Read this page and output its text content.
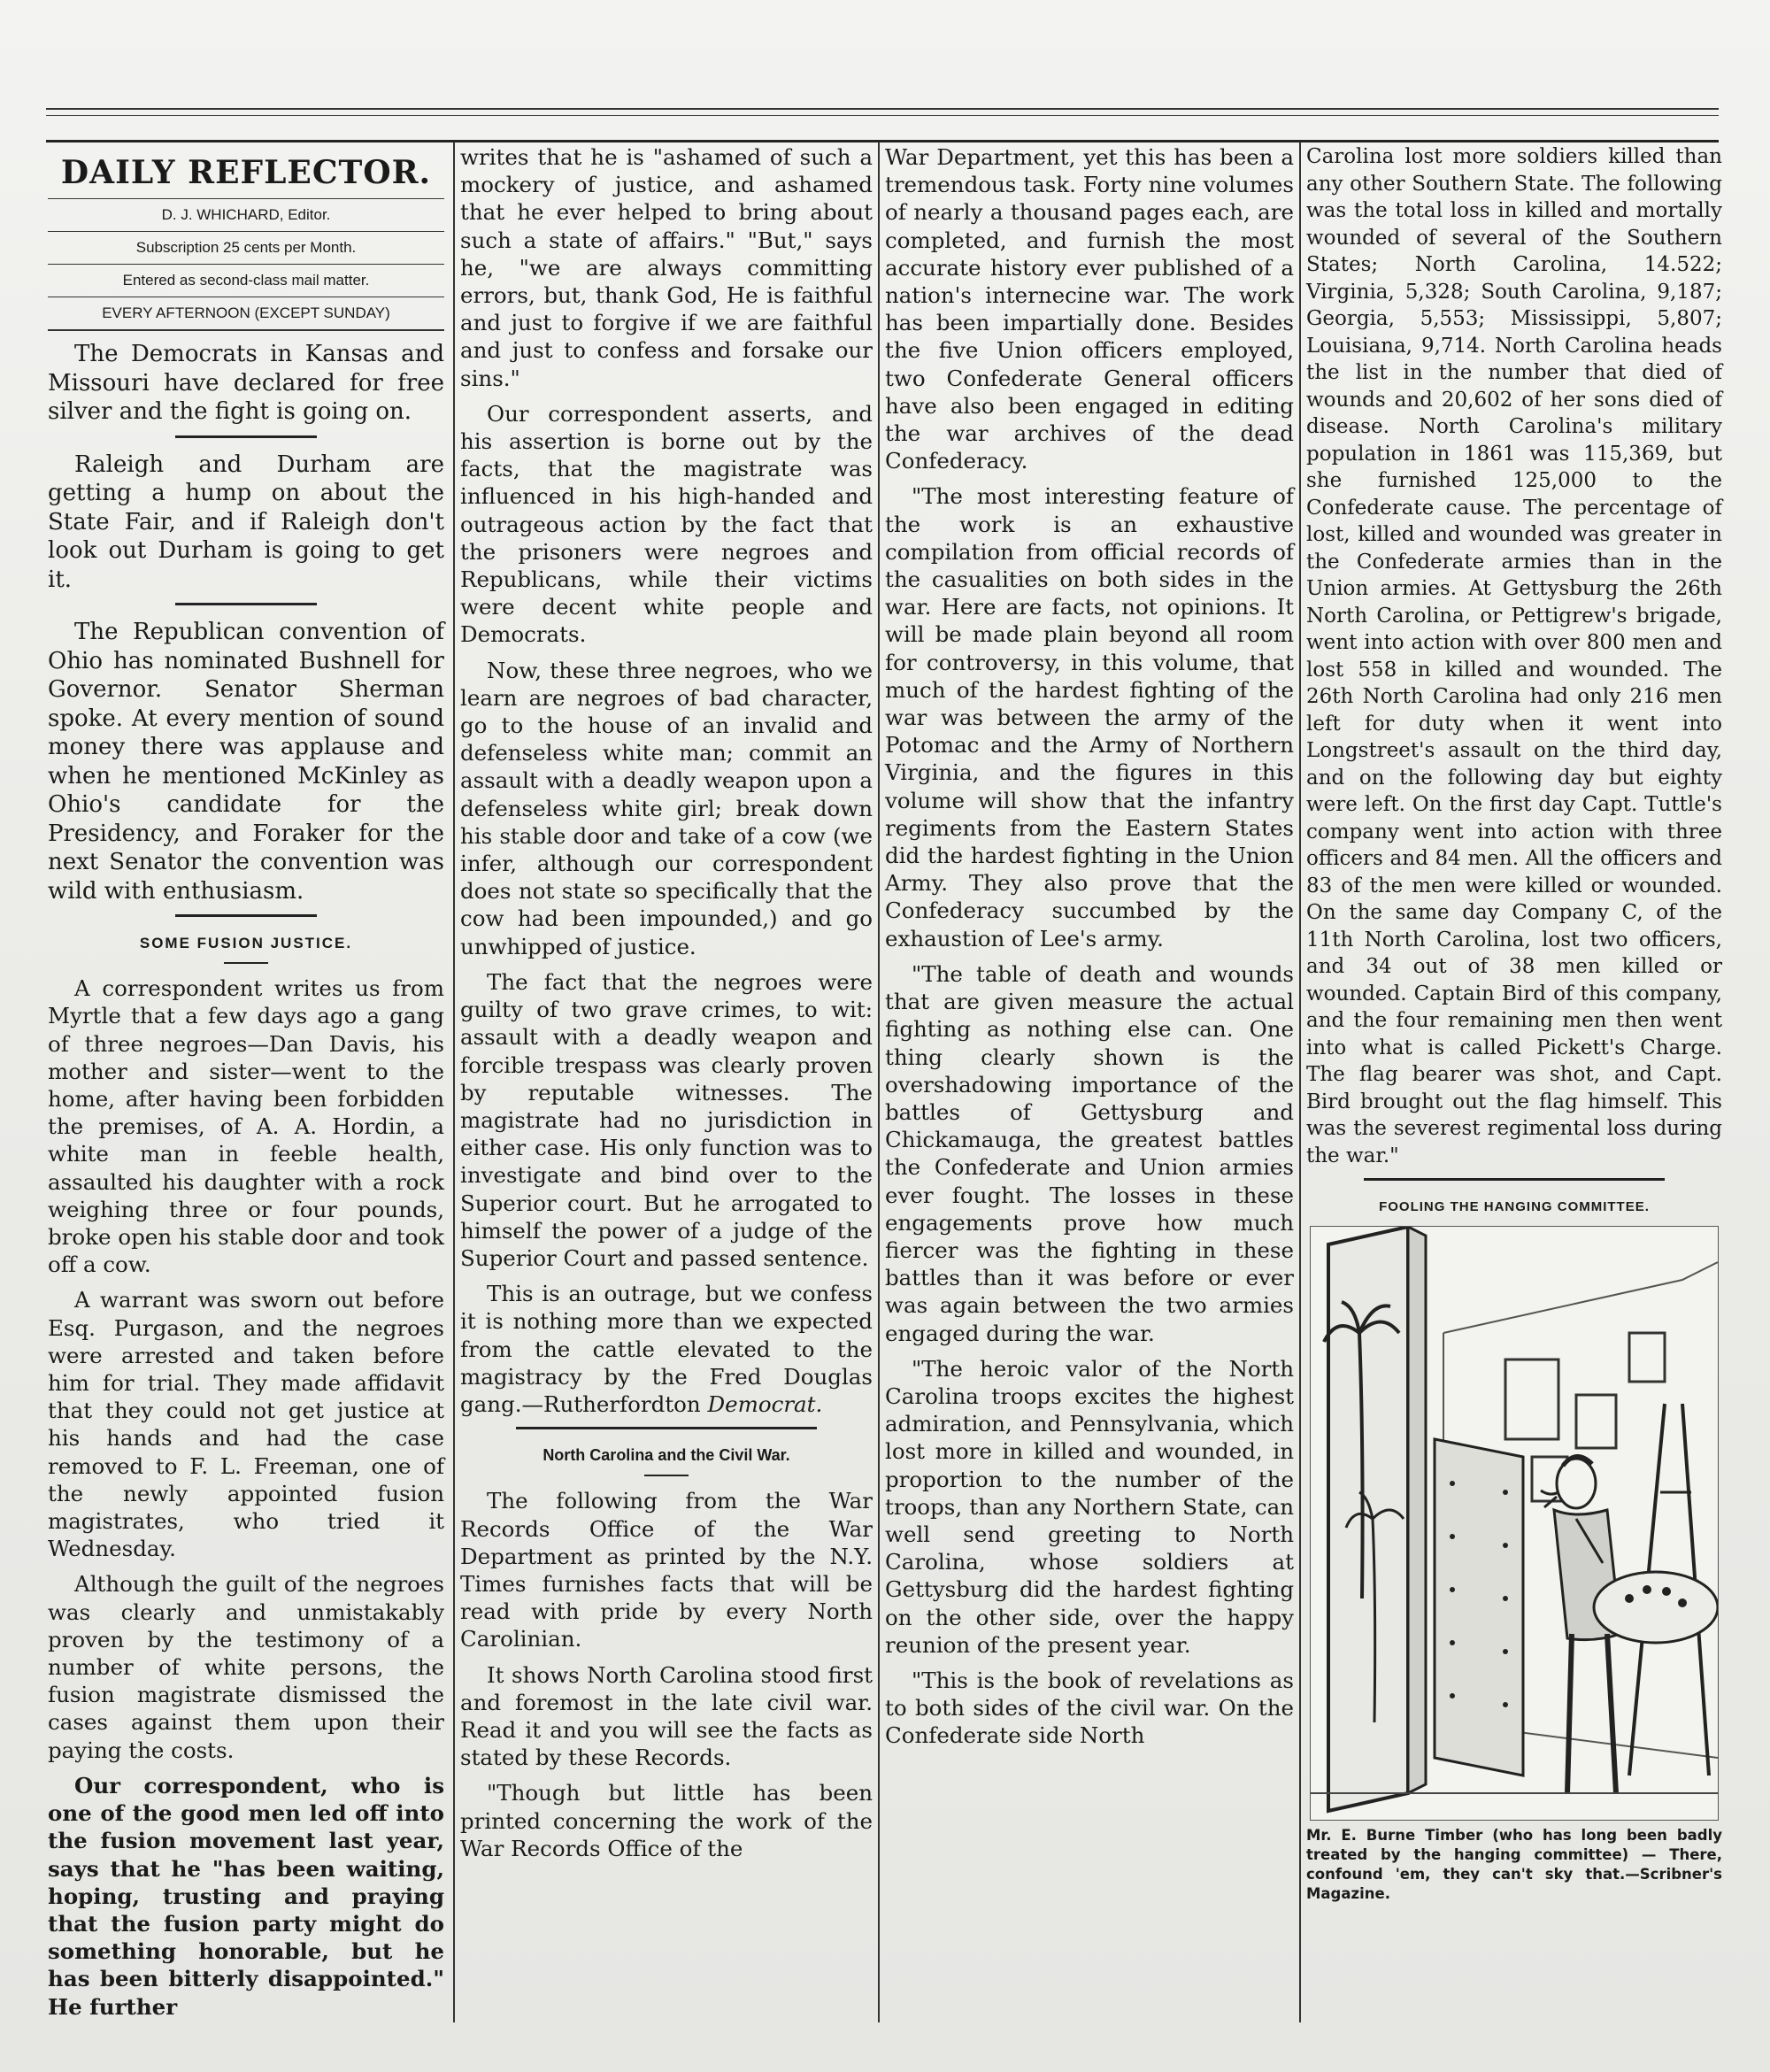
DAILY REFLECTOR.
D. J. WHICHARD, Editor.
Subscription 25 cents per Month.
Entered as second-class mail matter.
EVERY AFTERNOON (EXCEPT SUNDAY)

The Democrats in Kansas and Missouri have declared for free silver and the fight is going on.

Raleigh and Durham are getting a hump on about the State Fair, and if Raleigh don't look out Durham is going to get it.

The Republican convention of Ohio has nominated Bushnell for Governor. Senator Sherman spoke. At every mention of sound money there was applause and when he mentioned McKinley as Ohio's candidate for the Presidency, and Foraker for the next Senator the convention was wild with enthusiasm.

SOME FUSION JUSTICE.

A correspondent writes us from Myrtle that a few days ago a gang of three negroes—Dan Davis, his mother and sister—went to the home, after having been forbidden the premises, of A. A. Hordin, a white man in feeble health, assaulted his daughter with a rock weighing three or four pounds, broke open his stable door and took off a cow.

A warrant was sworn out before Esq. Purgason, and the negroes were arrested and taken before him for trial. They made affidavit that they could not get justice at his hands and had the case removed to F. L. Freeman, one of the newly appointed fusion magistrates, who tried it Wednesday.

Although the guilt of the negroes was clearly and unmistakably proven by the testimony of a number of white persons, the fusion magistrate dismissed the cases against them upon their paying the costs.

Our correspondent, who is one of the good men led off into the fusion movement last year, says that he "has been waiting, hoping, trusting and praying that the fusion party might do something honorable, but he has been bitterly disappointed." He further

writes that he is "ashamed of such a mockery of justice, and ashamed that he ever helped to bring about such a state of affairs." "But," says he, "we are always committing errors, but, thank God, He is faithful and just to forgive if we are faithful and just to confess and forsake our sins."

Our correspondent asserts, and his assertion is borne out by the facts, that the magistrate was influenced in his high-handed and outrageous action by the fact that the prisoners were negroes and Republicans, while their victims were decent white people and Democrats.

Now, these three negroes, who we learn are negroes of bad character, go to the house of an invalid and defenseless white man; commit an assault with a deadly weapon upon a defenseless white girl; break down his stable door and take of a cow (we infer, although our correspondent does not state so specifically that the cow had been impounded,) and go unwhipped of justice.

The fact that the negroes were guilty of two grave crimes, to wit: assault with a deadly weapon and forcible trespass was clearly proven by reputable witnesses. The magistrate had no jurisdiction in either case. His only function was to investigate and bind over to the Superior court. But he arrogated to himself the power of a judge of the Superior Court and passed sentence.

This is an outrage, but we confess it is nothing more than we expected from the cattle elevated to the magistracy by the Fred Douglas gang.—Rutherfordton Democrat.

North Carolina and the Civil War.

The following from the War Records Office of the War Department as printed by the N.Y. Times furnishes facts that will be read with pride by every North Carolinian.

It shows North Carolina stood first and foremost in the late civil war. Read it and you will see the facts as stated by these Records.

"Though but little has been printed concerning the work of the War Records Office of the

War Department, yet this has been a tremendous task. Forty nine volumes of nearly a thousand pages each, are completed, and furnish the most accurate history ever published of a nation's internecine war. The work has been impartially done. Besides the five Union officers employed, two Confederate General officers have also been engaged in editing the war archives of the dead Confederacy.

"The most interesting feature of the work is an exhaustive compilation from official records of the casualities on both sides in the war. Here are facts, not opinions. It will be made plain beyond all room for controversy, in this volume, that much of the hardest fighting of the war was between the army of the Potomac and the Army of Northern Virginia, and the figures in this volume will show that the infantry regiments from the Eastern States did the hardest fighting in the Union Army. They also prove that the Confederacy succumbed by the exhaustion of Lee's army.

"The table of death and wounds that are given measure the actual fighting as nothing else can. One thing clearly shown is the overshadowing importance of the battles of Gettysburg and Chickamauga, the greatest battles the Confederate and Union armies ever fought. The losses in these engagements prove how much fiercer was the fighting in these battles than it was before or ever was again between the two armies engaged during the war.

"The heroic valor of the North Carolina troops excites the highest admiration, and Pennsylvania, which lost more in killed and wounded, in proportion to the number of the troops, than any Northern State, can well send greeting to North Carolina, whose soldiers at Gettysburg did the hardest fighting on the other side, over the happy reunion of the present year.

"This is the book of revelations as to both sides of the civil war. On the Confederate side North

Carolina lost more soldiers killed than any other Southern State. The following was the total loss in killed and mortally wounded of several of the Southern States; North Carolina, 14.522; Virginia, 5,328; South Carolina, 9,187; Georgia, 5,553; Mississippi, 5,807; Louisiana, 9,714. North Carolina heads the list in the number that died of wounds and 20,602 of her sons died of disease. North Carolina's military population in 1861 was 115,369, but she furnished 125,000 to the Confederate cause. The percentage of lost, killed and wounded was greater in the Confederate armies than in the Union armies. At Gettysburg the 26th North Carolina, or Pettigrew's brigade, went into action with over 800 men and lost 558 in killed and wounded. The 26th North Carolina had only 216 men left for duty when it went into Longstreet's assault on the third day, and on the following day but eighty were left. On the first day Capt. Tuttle's company went into action with three officers and 84 men. All the officers and 83 of the men were killed or wounded. On the same day Company C, of the 11th North Carolina, lost two officers, and 34 out of 38 men killed or wounded. Captain Bird of this company, and the four remaining men then went into what is called Pickett's Charge. The flag bearer was shot, and Capt. Bird brought out the flag himself. This was the severest regimental loss during the war."

FOOLING THE HANGING COMMITTEE.
Mr. E. Burne Timber (who has long been badly treated by the hanging committee) — There, confound 'em, they can't sky that.—Scribner's Magazine.
